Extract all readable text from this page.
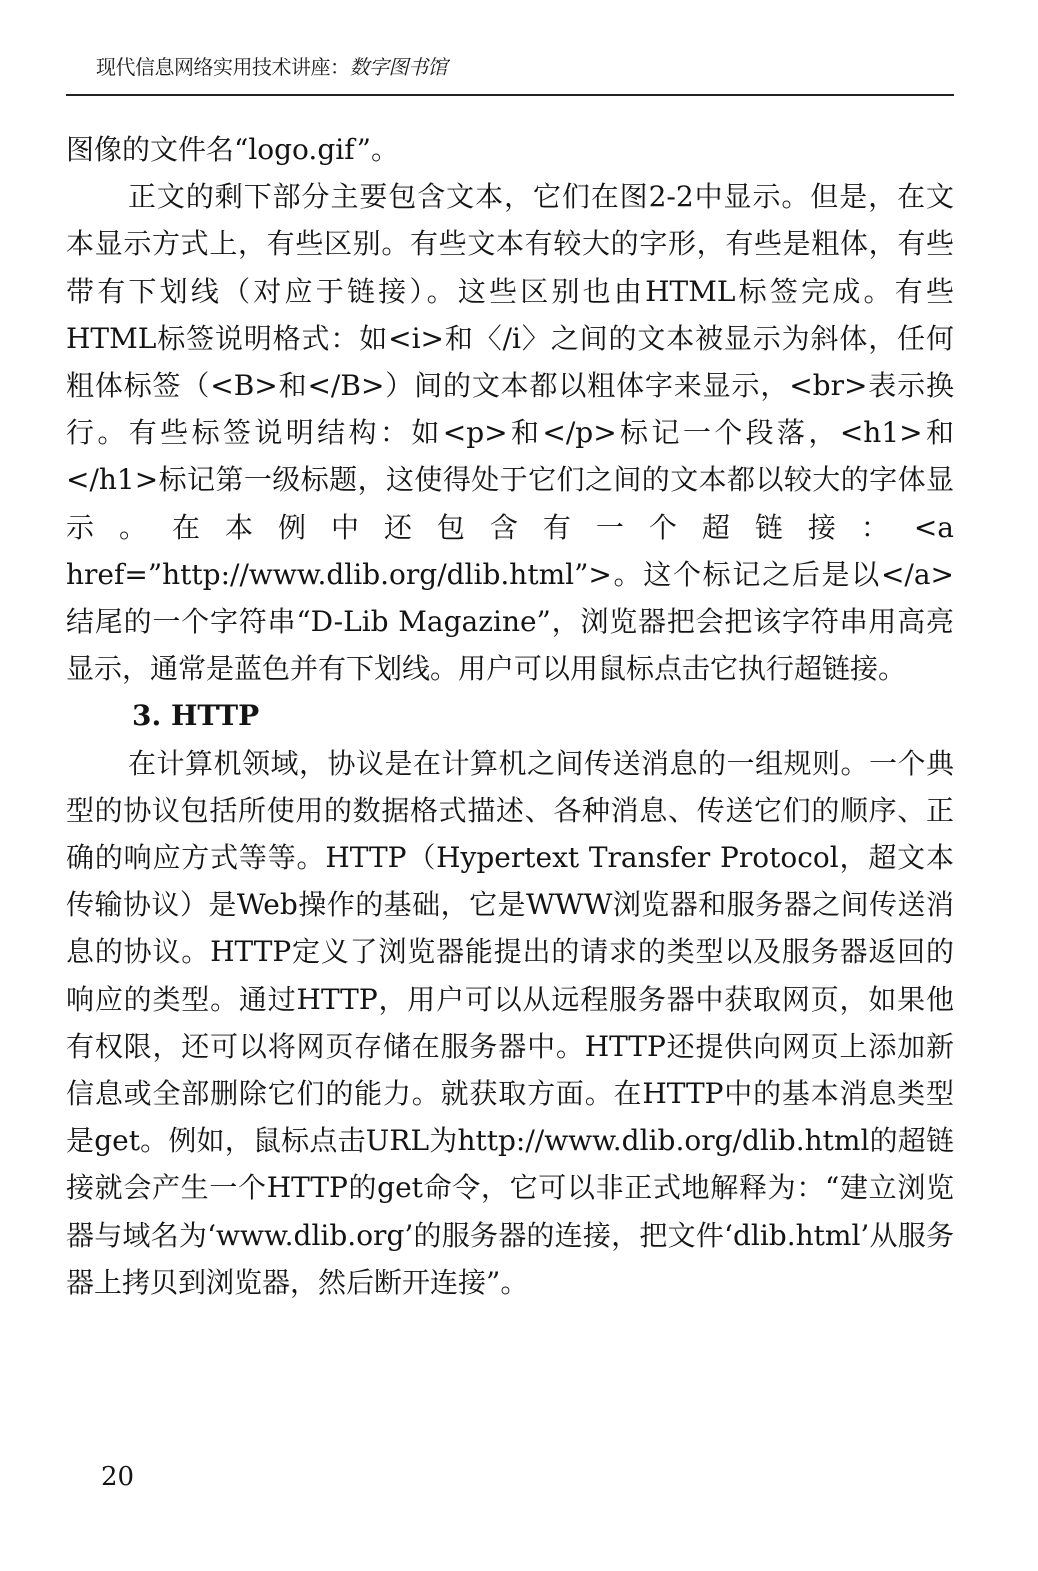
现代信息网络实用技术讲座：数字图书馆

图像的文件名“logo.gif”。

正文的剩下部分主要包含文本，它们在图2-2中显示。但是，在文本显示方式上，有些区别。有些文本有较大的字形，有些是粗体，有些带有下划线（对应于链接）。这些区别也由HTML标签完成。有些HTML标签说明格式：如<i>和〈/i〉之间的文本被显示为斜体，任何粗体标签（<B>和</B>）间的文本都以粗体字来显示，<br>表示换行。有些标签说明结构：如<p>和</p>标记一个段落，<h1>和</h1>标记第一级标题，这使得处于它们之间的文本都以较大的字体显示。在本例中还包含有一个超链接：<a href=”http://www.dlib.org/dlib.html”>。这个标记之后是以</a>结尾的一个字符串“D-Lib Magazine”，浏览器把会把该字符串用高亮显示，通常是蓝色并有下划线。用户可以用鼠标点击它执行超链接。

3. HTTP

在计算机领域，协议是在计算机之间传送消息的一组规则。一个典型的协议包括所使用的数据格式描述、各种消息、传送它们的顺序、正确的响应方式等等。HTTP（Hypertext Transfer Protocol，超文本传输协议）是Web操作的基础，它是WWW浏览器和服务器之间传送消息的协议。HTTP定义了浏览器能提出的请求的类型以及服务器返回的响应的类型。通过HTTP，用户可以从远程服务器中获取网页，如果他有权限，还可以将网页存储在服务器中。HTTP还提供向网页上添加新信息或全部删除它们的能力。就获取方面。在HTTP中的基本消息类型是get。例如，鼠标点击URL为http://www.dlib.org/dlib.html的超链接就会产生一个HTTP的get命令，它可以非正式地解释为：“建立浏览器与域名为‘www.dlib.org’的服务器的连接，把文件‘dlib.html’从服务器上拷贝到浏览器，然后断开连接”。

20
